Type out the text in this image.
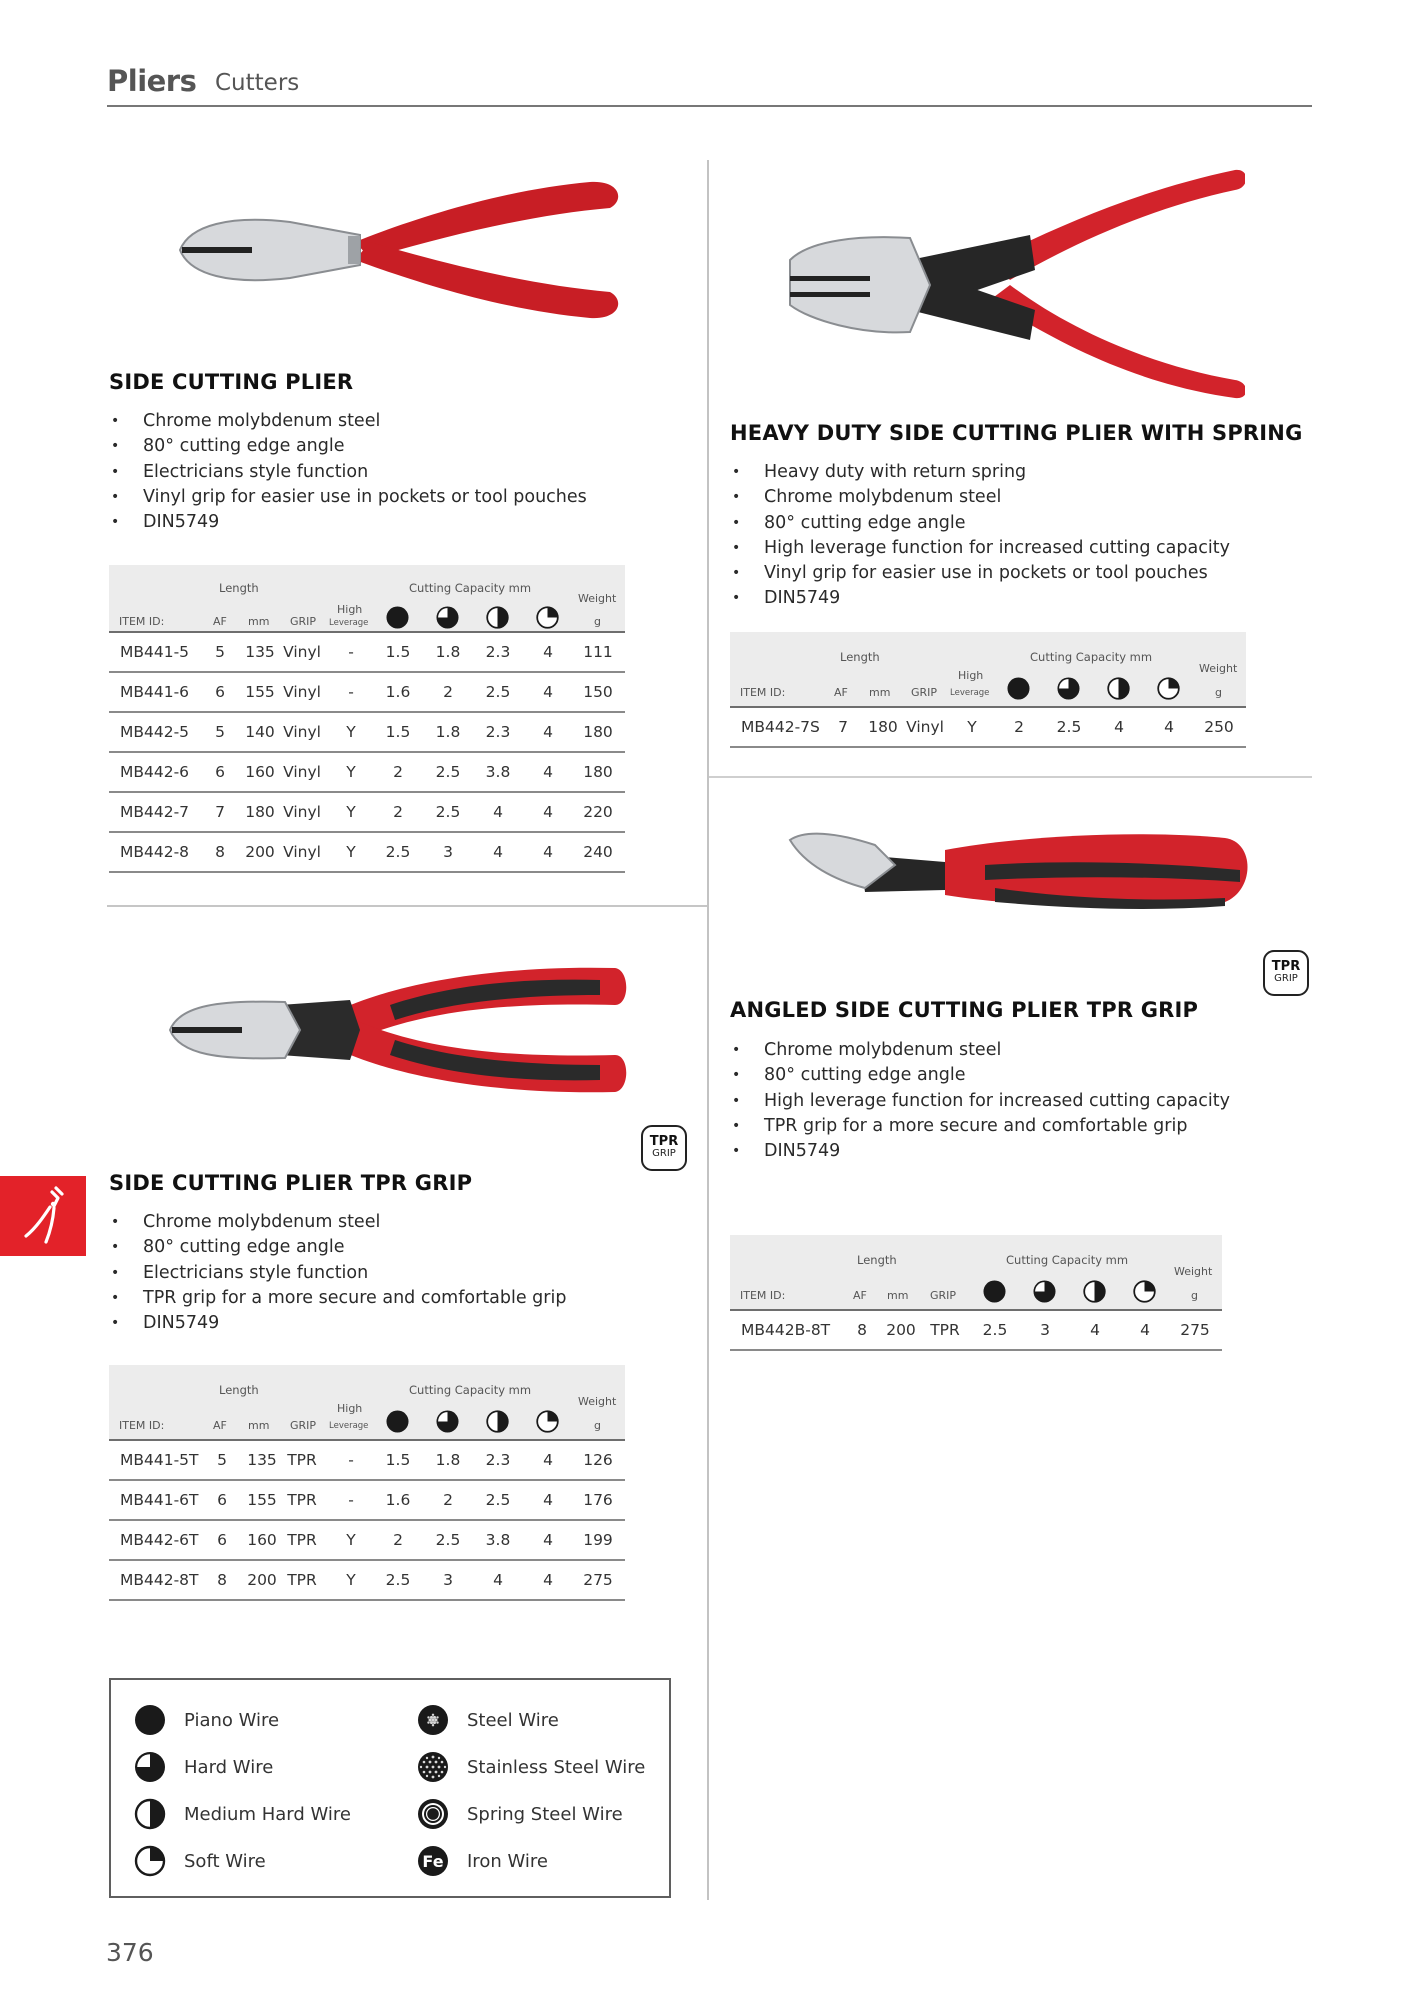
Pliers Cutters
SIDE CUTTING PLIER
• Chrome molybdenum steel
• 80° cutting edge angle
• Electricians style function
• Vinyl grip for easier use in pockets or tool pouches
• DIN5749
Length	Cutting Capacity mm
ITEM ID:	AF mm GRIP
High
Leverage
Weight
g
MB441-5 5 135 Vinyl	-	1.5	1.8	2.3	4	111
MB441-6 6 155 Vinyl	-	1.6	2	2.5	4	150
MB442-5 5 140 Vinyl	Y	1.5	1.8	2.3	4	180
MB442-6 6 160 Vinyl	Y	2	2.5	3.8	4	180
MB442-7 7 180 Vinyl	Y	2	2.5	4	4	220
MB442-8 8 200 Vinyl	Y	2.5	3	4	4	240
HEAVY DUTY SIDE CUTTING PLIER WITH SPRING
• Heavy duty with return spring
• Chrome molybdenum steel
• 80° cutting edge angle
• High leverage function for increased cutting capacity
• Vinyl grip for easier use in pockets or tool pouches
• DIN5749
Length	Cutting Capacity mm
ITEM ID:	AF mm GRIP
High
Leverage
Weight
g
MB442-7S 7 180 Vinyl	Y	2	2.5	4	4	250
TPR
GRIP
SIDE CUTTING PLIER TPR GRIP
• Chrome molybdenum steel
• 80° cutting edge angle
• Electricians style function
• TPR grip for a more secure and comfortable grip
• DIN5749
Length	Cutting Capacity mm
ITEM ID:	AF mm GRIP
High
Leverage
Weight
g
MB441-5T 5 135 TPR	-	1.5	1.8	2.3	4	126
MB441-6T 6 155 TPR	-	1.6	2	2.5	4	176
MB442-6T 6 160 TPR	Y	2	2.5	3.8	4	199
MB442-8T 8 200 TPR	Y	2.5	3	4	4	275
TPR
GRIP
ANGLED SIDE CUTTING PLIER TPR GRIP
• Chrome molybdenum steel
• 80° cutting edge angle
• High leverage function for increased cutting capacity
• TPR grip for a more secure and comfortable grip
• DIN5749
Length	Cutting Capacity mm
ITEM ID:	AF mm GRIP
Weight
g
MB442B-8T 8 200 TPR	2.5	3	4	4	275
Piano Wire
Hard Wire
Medium Hard Wire
Soft Wire
Steel Wire
Stainless Steel Wire
Spring Steel Wire
Iron Wire
376
